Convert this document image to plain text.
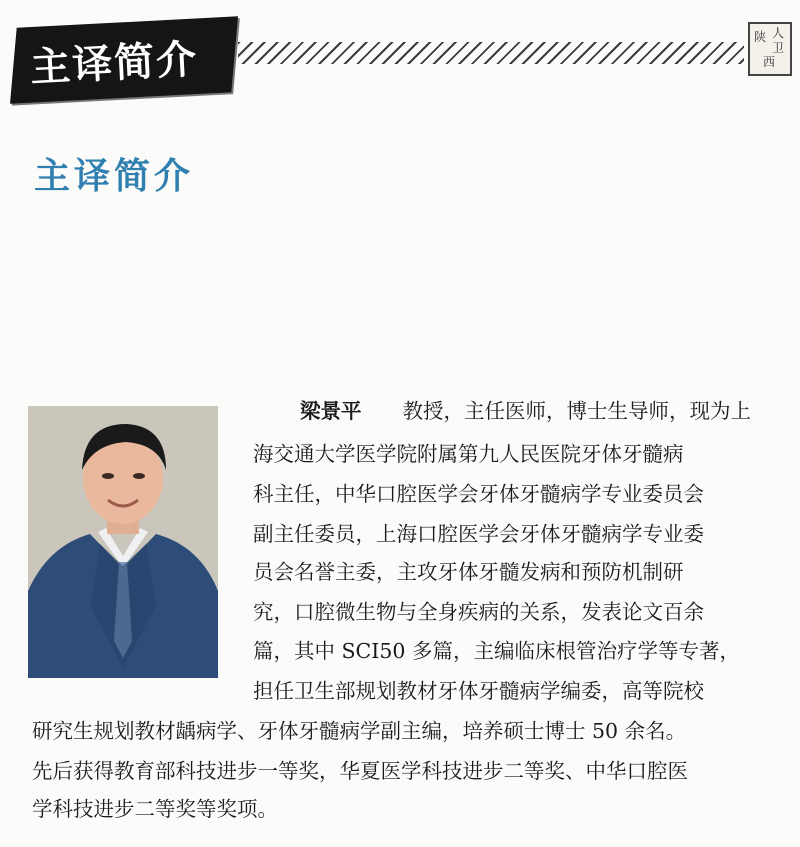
主译简介	陕 人
卫
西
主译简介
梁景平 教授，主任医师，博士生导师，现为上
海交通大学医学院附属第九人民医院牙体牙髓病
科主任，中华口腔医学会牙体牙髓病学专业委员会
副主任委员，上海口腔医学会牙体牙髓病学专业委
员会名誉主委，主攻牙体牙髓发病和预防机制研
究，口腔微生物与全身疾病的关系，发表论文百余
篇，其中 SCI50 多篇，主编临床根管治疗学等专著，
担任卫生部规划教材牙体牙髓病学编委，高等院校
研究生规划教材龋病学、牙体牙髓病学副主编，培养硕士博士 50 余名。
先后获得教育部科技进步一等奖，华夏医学科技进步二等奖、中华口腔医
学科技进步二等奖等奖项。
